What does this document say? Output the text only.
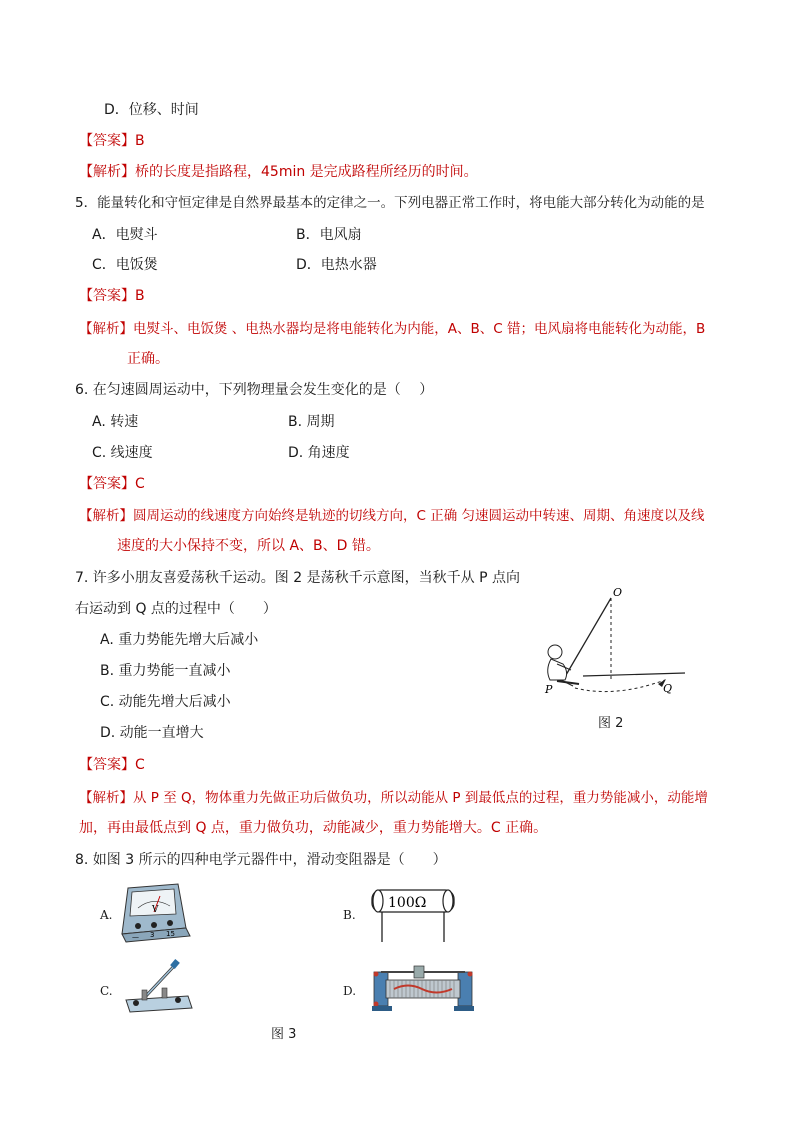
D．位移、时间
【答案】B
【解析】桥的长度是指路程，45min 是完成路程所经历的时间。
5．能量转化和守恒定律是自然界最基本的定律之一。下列电器正常工作时，将电能大部分转化为动能的是
A．电熨斗	B．电风扇
C．电饭煲	D．电热水器
【答案】B
【解析】电熨斗、电饭煲 、电热水器均是将电能转化为内能，A、B、C 错；电风扇将电能转化为动能，B
正确。
6. 在匀速圆周运动中，下列物理量会发生变化的是（　 ）
A. 转速	B. 周期
C. 线速度	D. 角速度
【答案】C
【解析】圆周运动的线速度方向始终是轨迹的切线方向，C 正确 匀速圆运动中转速、周期、角速度以及线
速度的大小保持不变，所以 A、B、D 错。
7. 许多小朋友喜爱荡秋千运动。图 2 是荡秋千示意图，当秋千从 P 点向
右运动到 Q 点的过程中（　　）
A. 重力势能先增大后减小
B. 重力势能一直减小
C. 动能先增大后减小
D. 动能一直增大
O
P	Q
图 2
【答案】C
【解析】从 P 至 Q，物体重力先做正功后做负功，所以动能从 P 到最低点的过程，重力势能减小，动能增
加，再由最低点到 Q 点，重力做负功，动能减少，重力势能增大。C 正确。
8. 如图 3 所示的四种电学元器件中，滑动变阻器是（　　）
A.	V
— 3 15
B.
100Ω
C.	D.
图 3
